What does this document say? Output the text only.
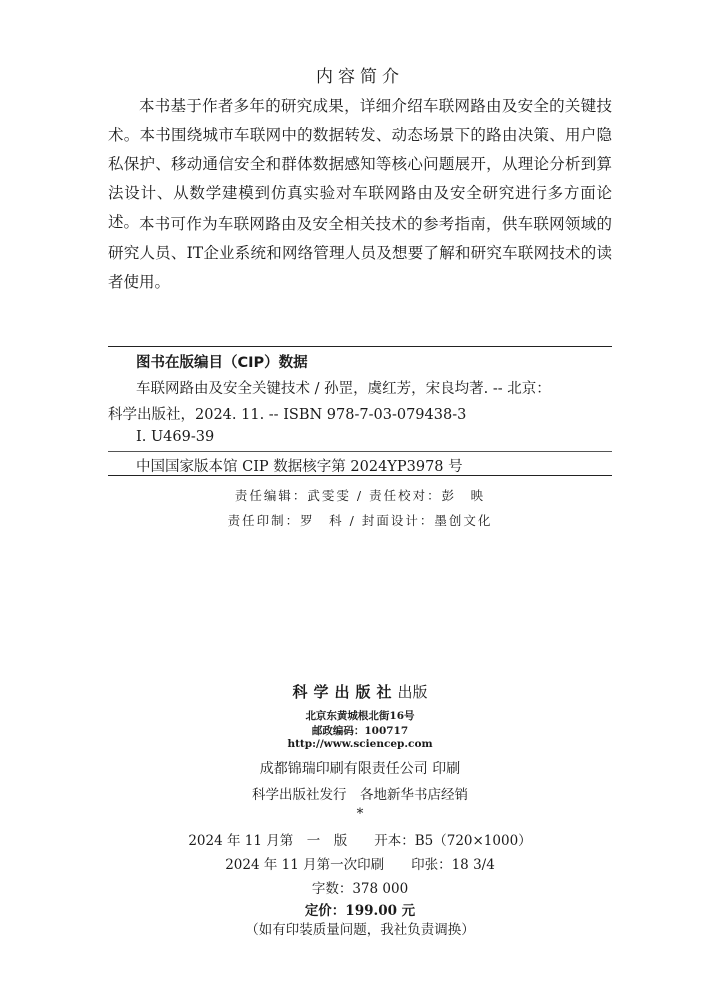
内容简介

本书基于作者多年的研究成果，详细介绍车联网路由及安全的关键技术。本书围绕城市车联网中的数据转发、动态场景下的路由决策、用户隐私保护、移动通信安全和群体数据感知等核心问题展开，从理论分析到算法设计、从数学建模到仿真实验对车联网路由及安全研究进行多方面论述。 本书可作为车联网路由及安全相关技术的参考指南，供车联网领域的研究人员、IT企业系统和网络管理人员及想要了解和研究车联网技术的读者使用。

图书在版编目（CIP）数据
车联网路由及安全关键技术 / 孙罡，虞红芳，宋良均著. -- 北京：
科学出版社，2024. 11. -- ISBN 978-7-03-079438-3
Ⅰ. U469-39
中国国家版本馆 CIP 数据核字第 2024YP3978 号
责任编辑：武雯雯 / 责任校对：彭　映
责任印制：罗　科 / 封面设计：墨创文化
科学出版社出版
北京东黄城根北街16号
邮政编码：100717
http://www.sciencep.com
成都锦瑞印刷有限责任公司 印刷
科学出版社发行　各地新华书店经销
*
2024 年 11 月第　一　版　　开本：B5（720×1000）
2024 年 11 月第一次印刷　　印张：18 3/4
字数：378 000
定价：199.00 元
（如有印装质量问题，我社负责调换）
